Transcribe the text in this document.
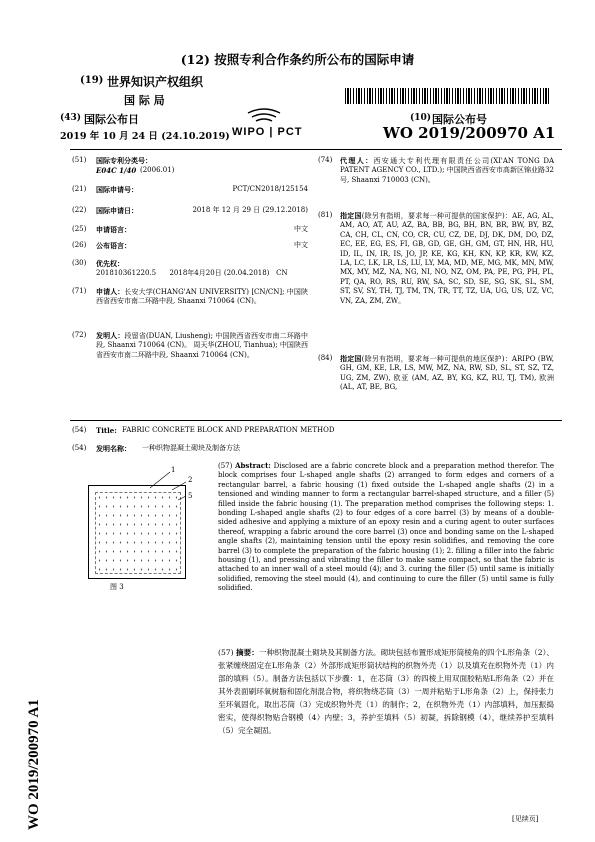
(12) 按照专利合作条约所公布的国际申请
(19) 世界知识产权组织
国 际 局
(43) 国际公布日
2019 年 10 月 24 日 (24.10.2019) WIPO | PCT
(10) 国际公布号
WO 2019/200970 A1
(51) 国际专利分类号：
E04C 1/40 (2006.01)
(21) 国际申请号：	PCT/CN2018/125154
(22) 国际申请日：	2018 年 12 月 29 日 (29.12.2018)
(25) 申请语言：	中文
(26) 公布语言：	中文
(30) 优先权：
201810361220.5      2018年4月20日 (20.04.2018)   CN
(71) 申请人：长安大学(CHANG'AN UNIVERSITY) [CN/CN]; 中国陕西省西安市南二环路中段, Shaanxi 710064 (CN)。
(72) 发明人：段留省(DUAN, Liusheng); 中国陕西省西安市南二环路中段, Shaanxi 710064 (CN)。 周天华(ZHOU, Tianhua); 中国陕西省西安市南二环路中段, Shaanxi 710064 (CN)。
(74) 代理人：西安通大专利代理有限责任公司(XI'AN TONG DA PATENT AGENCY CO., LTD.); 中国陕西省西安市高新区锦业路32号, Shaanxi 710003 (CN)。
(81) 指定国(除另有指明，要求每一种可提供的国家保护)：AE, AG, AL, AM, AO, AT, AU, AZ, BA, BB, BG, BH, BN, BR, BW, BY, BZ, CA, CH, CL, CN, CO, CR, CU, CZ, DE, DJ, DK, DM, DO, DZ, EC, EE, EG, ES, FI, GB, GD, GE, GH, GM, GT, HN, HR, HU, ID, IL, IN, IR, IS, JO, JP, KE, KG, KH, KN, KP, KR, KW, KZ, LA, LC, LK, LR, LS, LU, LY, MA, MD, ME, MG, MK, MN, MW, MX, MY, MZ, NA, NG, NI, NO, NZ, OM, PA, PE, PG, PH, PL, PT, QA, RO, RS, RU, RW, SA, SC, SD, SE, SG, SK, SL, SM, ST, SV, SY, TH, TJ, TM, TN, TR, TT, TZ, UA, UG, US, UZ, VC, VN, ZA, ZM, ZW。
(84) 指定国(除另有指明，要求每一种可提供的地区保护)：ARIPO (BW, GH, GM, KE, LR, LS, MW, MZ, NA, RW, SD, SL, ST, SZ, TZ, UG, ZM, ZW), 欧亚 (AM, AZ, BY, KG, KZ, RU, TJ, TM), 欧洲 (AL, AT, BE, BG,
(54) Title: FABRIC CONCRETE BLOCK AND PREPARATION METHOD
(54) 发明名称： 一种织物混凝土砌块及制备方法
1
2
5
图 3

(57) Abstract: Disclosed are a fabric concrete block and a preparation method therefor. The block comprises four L-shaped angle shafts (2) arranged to form edges and corners of a rectangular barrel, a fabric housing (1) fixed outside the L-shaped angle shafts (2) in a tensioned and winding manner to form a rectangular barrel-shaped structure, and a filler (5) filled inside the fabric housing (1). The preparation method comprises the following steps: 1. bonding L-shaped angle shafts (2) to four edges of a core barrel (3) by means of a double-sided adhesive and applying a mixture of an epoxy resin and a curing agent to outer surfaces thereof, wrapping a fabric around the core barrel (3) once and bonding same on the L-shaped angle shafts (2), maintaining tension until the epoxy resin solidifies, and removing the core barrel (3) to complete the preparation of the fabric housing (1); 2. filling a filler into the fabric housing (1), and pressing and vibrating the filler to make same compact, so that the fabric is attached to an inner wall of a steel mould (4); and 3. curing the filler (5) until same is initially solidified, removing the steel mould (4), and continuing to cure the filler (5) until same is fully solidified.

(57) 摘要：一种织物混凝土砌块及其制备方法。砌块包括布置形成矩形筒棱角的四个L形角条（2）、张紧缠绕固定在L形角条（2）外部形成矩形筒状结构的织物外壳（1）以及填充在织物外壳（1）内部的填料（5）。制备方法包括以下步骤：1，在芯筒（3）的四棱上用双面胶粘贴L形角条（2）并在其外表面刷环氧树脂和固化剂混合物，将织物绕芯筒（3）一周并粘贴于L形角条（2）上，保持张力至环氧固化，取出芯筒（3）完成织物外壳（1）的制作；2，在织物外壳（1）内部填料，加压振捣密实，使得织物贴合钢模（4）内壁；3，养护至填料（5）初凝，拆除钢模（4），继续养护至填料（5）完全凝固。

WO 2019/200970 A1	[见续页]
